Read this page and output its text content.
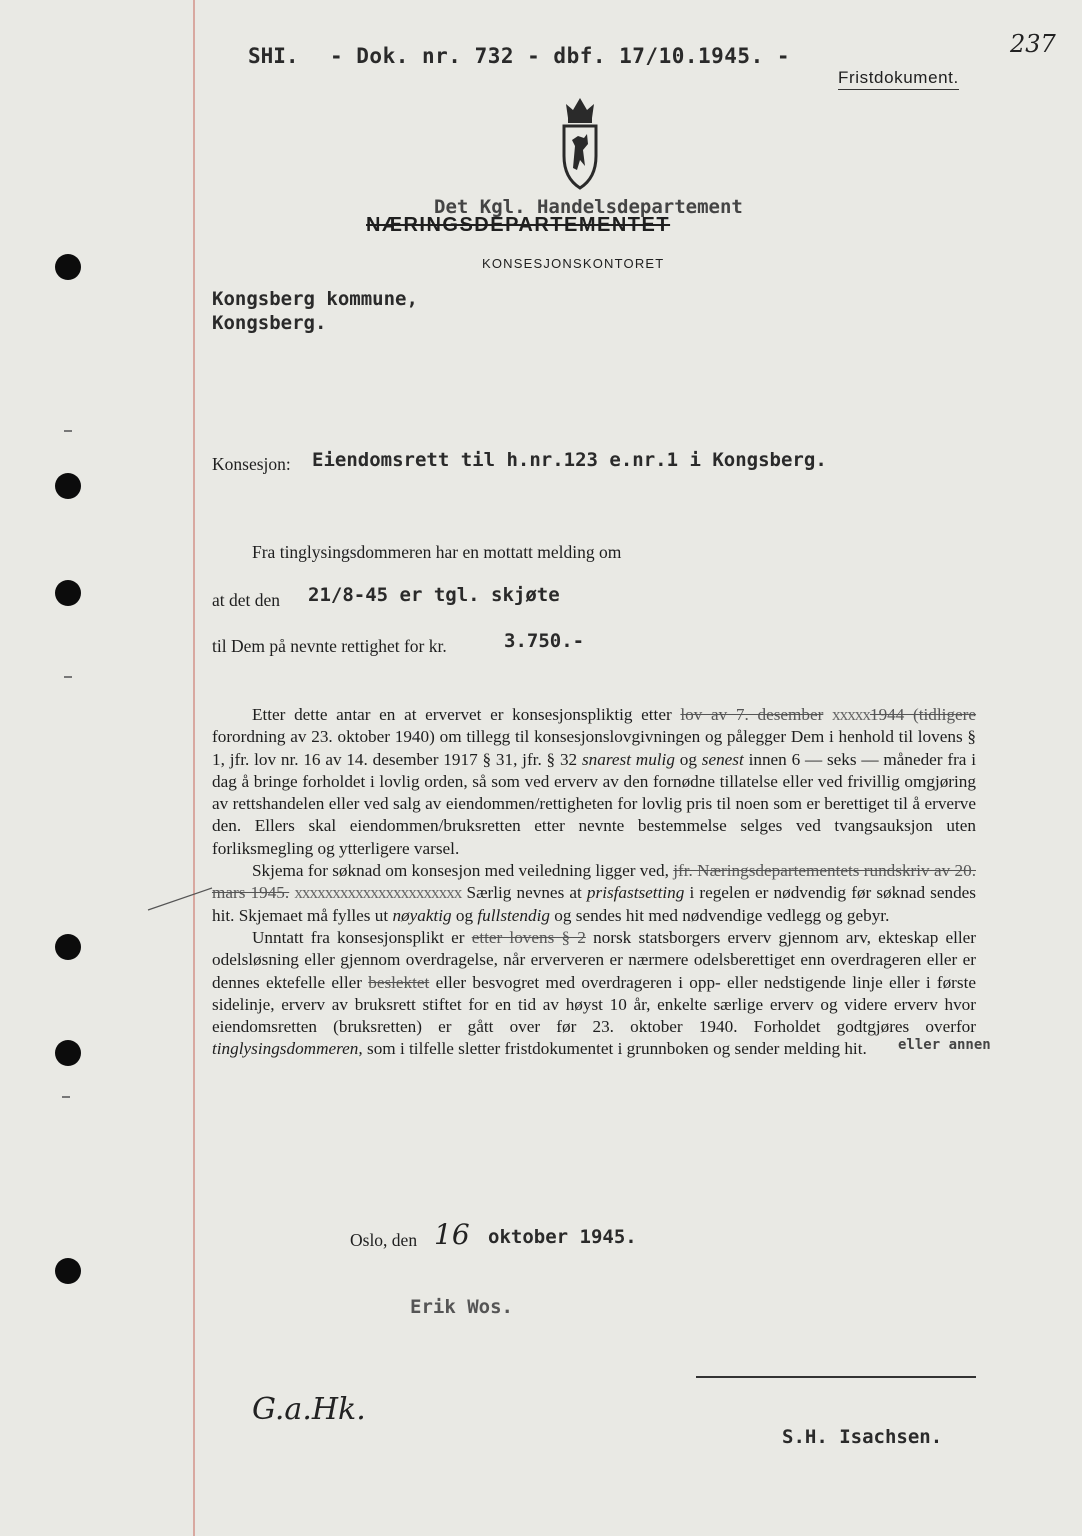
SHI. - Dok. nr. 732 - dbf. 17/10.1945. -	237
Fristdokument.
Det Kgl. Handelsdepartement
NÆRINGSDEPARTEMENTET
KONSESJONSKONTORET
Kongsberg kommune,
Kongsberg.
Konsesjon: Eiendomsrett til h.nr.123 e.nr.1 i Kongsberg.
Fra tinglysingsdommeren har en mottatt melding om
at det den 21/8-45 er tgl. skjøte
til Dem på nevnte rettighet for kr.	3.750.-

Etter dette antar en at ervervet er konsesjonspliktig etter lov av 7. desember xxxxx1944 (tidligere forordning av 23. oktober 1940) om tillegg til konsesjonslovgivningen og pålegger Dem i henhold til lovens § 1, jfr. lov nr. 16 av 14. desember 1917 § 31, jfr. § 32 snarest mulig og senest innen 6 — seks — måneder fra i dag å bringe forholdet i lovlig orden, så som ved erverv av den fornødne tillatelse eller ved frivillig omgjøring av rettshandelen eller ved salg av eiendommen/rettigheten for lovlig pris til noen som er berettiget til å erverve den. Ellers skal eiendommen/bruksretten etter nevnte bestemmelse selges ved tvangsauksjon uten forliksmegling og ytterligere varsel.

Skjema for søknad om konsesjon med veiledning ligger ved, jfr. Næringsdepartementets rundskriv av 20. mars 1945. xxxxxxxxxxxxxxxxxxxxxx Særlig nevnes at prisfastsetting i regelen er nødvendig før søknad sendes hit. Skjemaet må fylles ut nøyaktig og fullstendig og sendes hit med nødvendige vedlegg og gebyr.

Unntatt fra konsesjonsplikt er etter lovens § 2 norsk statsborgers erverv gjennom arv, ekteskap eller odelsløsning eller gjennom overdragelse, når erververen er nærmere odelsberettiget enn overdrageren eller er dennes ektefelle eller beslektet eller besvogret med overdrageren i opp- eller nedstigende linje eller i første sidelinje, erverv av bruksrett stiftet for en tid av høyst 10 år, enkelte særlige erverv og videre erverv hvor eiendomsretten (bruksretten) er gått over før 23. oktober 1940. Forholdet godtgjøres overfor tinglysingsdommeren, som i tilfelle sletter fristdokumentet i grunnboken og sender melding hit.	eller annen
Oslo, den 16 oktober 1945.
Erik Wos.
G.a.Hk.
S.H. Isachsen.
